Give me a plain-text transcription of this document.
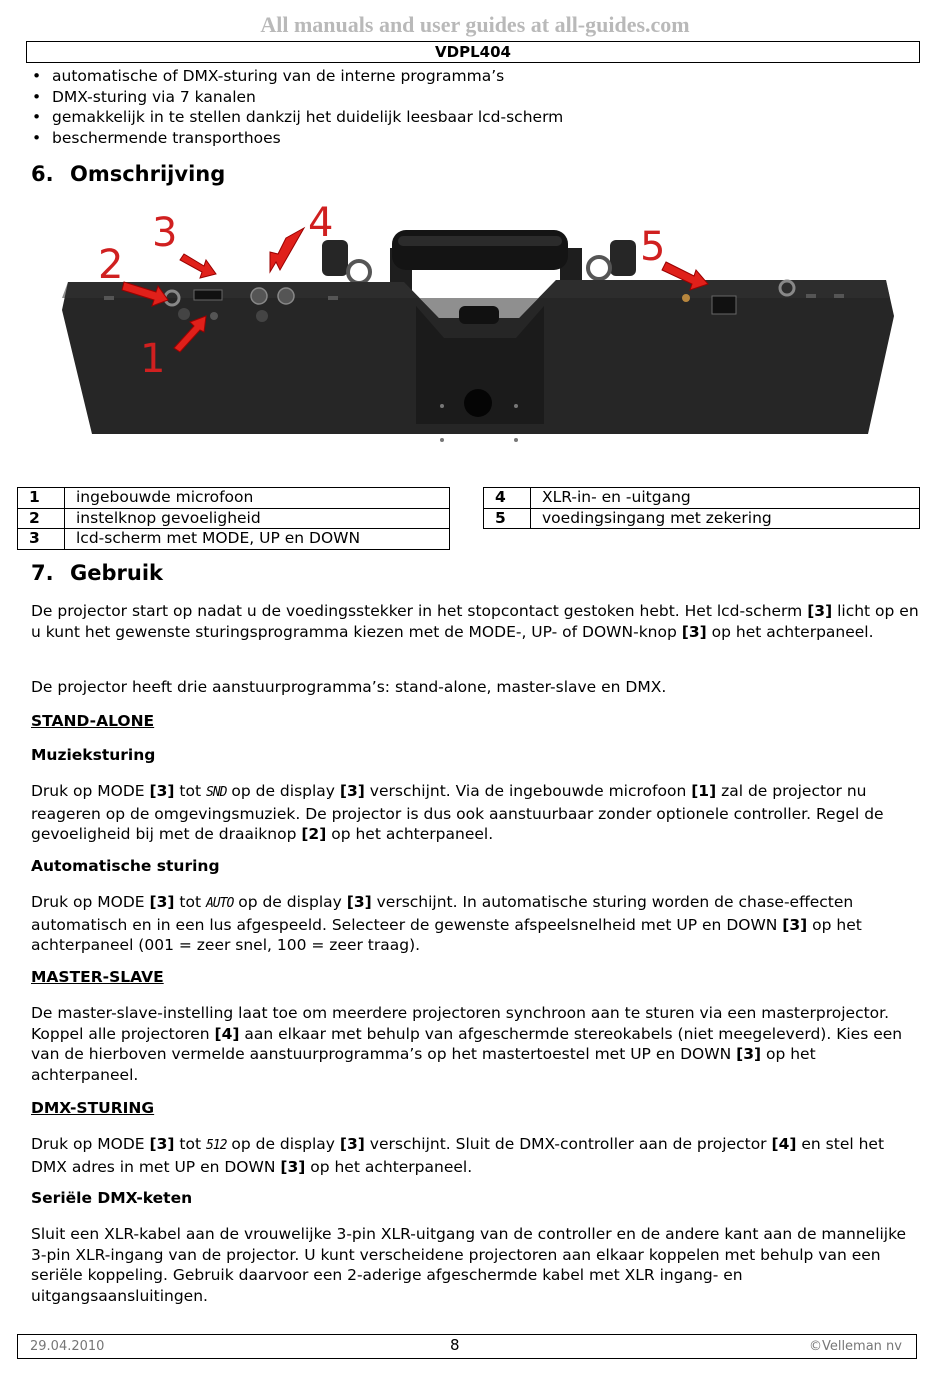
All manuals and user guides at all-guides.com
VDPL404
• automatische of DMX-sturing van de interne programma’s
• DMX-sturing via 7 kanalen
• gemakkelijk in te stellen dankzij het duidelijk leesbaar lcd-scherm
• beschermende transporthoes
6. Omschrijving
2
3	4
1
5
1	ingebouwde microfoon
2	instelknop gevoeligheid
3	lcd-scherm met MODE, UP en DOWN
4	XLR-in- en -uitgang
5	voedingsingang met zekering
7. Gebruik

De projector start op nadat u de voedingsstekker in het stopcontact gestoken hebt. Het lcd-scherm [3] licht op en u kunt het gewenste sturingsprogramma kiezen met de MODE-, UP- of DOWN-knop [3] op het achterpaneel.

De projector heeft drie aanstuurprogramma’s: stand-alone, master-slave en DMX.

STAND-ALONE
Muzieksturing

Druk op MODE [3] tot SND op de display [3] verschijnt. Via de ingebouwde microfoon [1] zal de projector nu reageren op de omgevingsmuziek. De projector is dus ook aanstuurbaar zonder optionele controller. Regel de gevoeligheid bij met de draaiknop [2] op het achterpaneel.

Automatische sturing

Druk op MODE [3] tot AUTO op de display [3] verschijnt. In automatische sturing worden de chase-effecten automatisch en in een lus afgespeeld. Selecteer de gewenste afspeelsnelheid met UP en DOWN [3] op het achterpaneel (001 = zeer snel, 100 = zeer traag).

MASTER-SLAVE

De master-slave-instelling laat toe om meerdere projectoren synchroon aan te sturen via een masterprojector. Koppel alle projectoren [4] aan elkaar met behulp van afgeschermde stereokabels (niet meegeleverd). Kies een van de hierboven vermelde aanstuurprogramma’s op het mastertoestel met UP en DOWN [3] op het achterpaneel.

DMX-STURING

Druk op MODE [3] tot 512 op de display [3] verschijnt. Sluit de DMX-controller aan de projector [4] en stel het DMX adres in met UP en DOWN [3] op het achterpaneel.

Seriële DMX-keten

Sluit een XLR-kabel aan de vrouwelijke 3-pin XLR-uitgang van de controller en de andere kant aan de mannelijke 3-pin XLR-ingang van de projector. U kunt verscheidene projectoren aan elkaar koppelen met behulp van een seriële koppeling. Gebruik daarvoor een 2-aderige afgeschermde kabel met XLR ingang- en uitgangsaansluitingen.

29.04.2010	8	©Velleman nv
